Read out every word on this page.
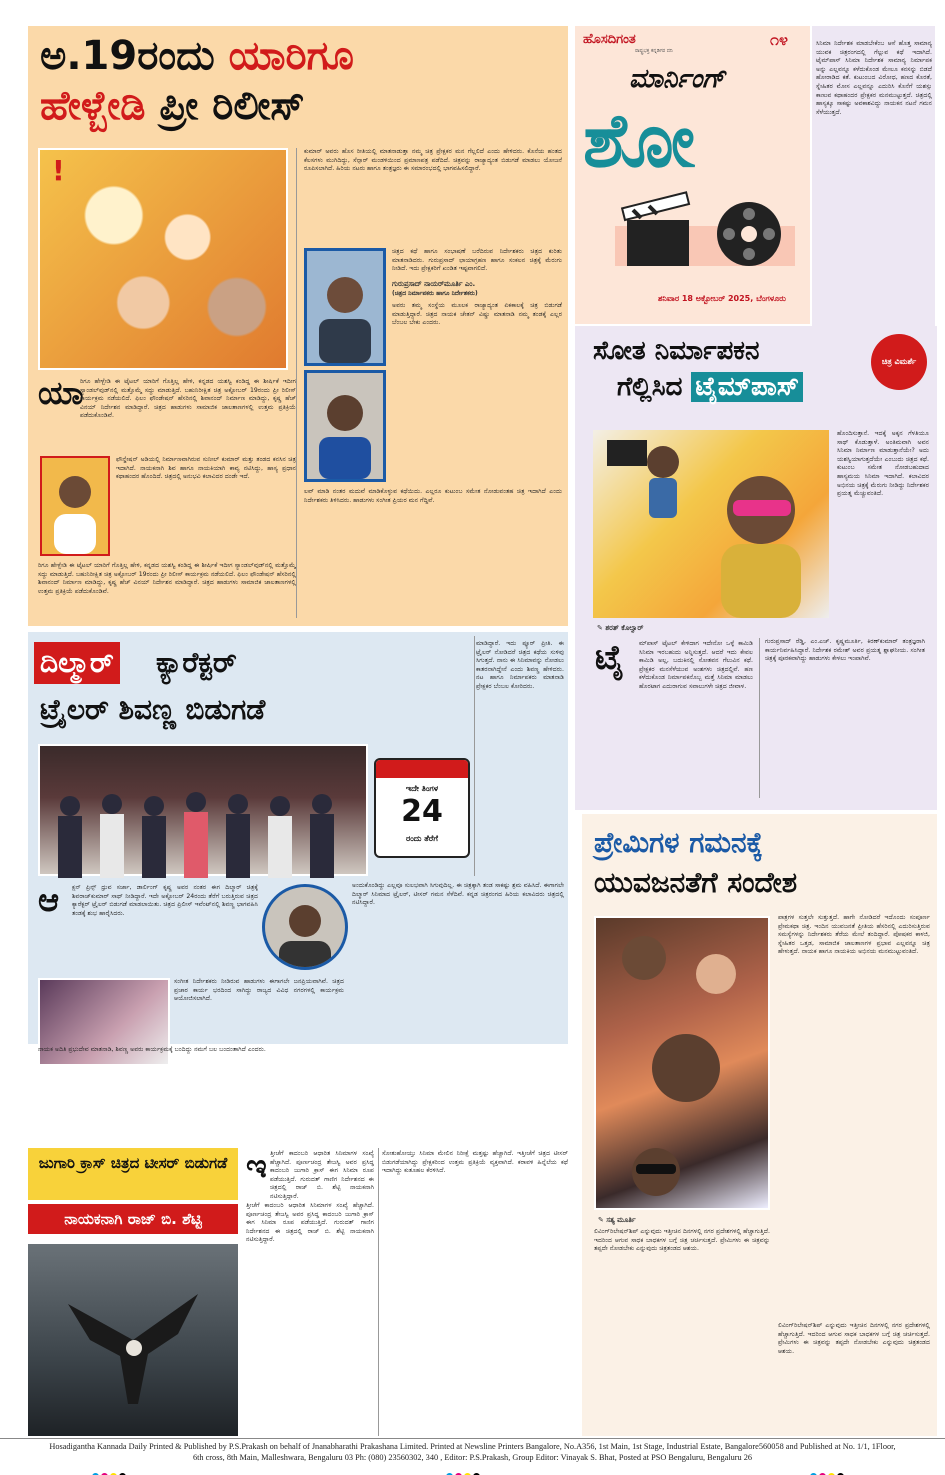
ಅ.19ರಂದು ಯಾರಿಗೂ
ಹೇಳ್ಬೇಡಿ ಪ್ರೀ ರಿಲೀಸ್
!
ಯಾ
ರಿಗೂ ಹೇಳ್ಬೇಡಿ ಈ ಟೈಟಲ್ ಯಾರಿಗೆ ಗೊತ್ತಿಲ್ಲ ಹೇಳಿ, ಕನ್ನಡದ ಯಶಸ್ವಿ ಕಂಡಿದ್ದ ಈ ಶೀರ್ಷಿಕೆ ಇದೀಗ ಸ್ಯಾಂಡಲ್‌ವುಡ್‌ನಲ್ಲಿ ಮತ್ತೊಮ್ಮೆ ಸದ್ದು ಮಾಡುತ್ತಿದೆ. ಬಹುನಿರೀಕ್ಷಿತ ಚಿತ್ರ ಅಕ್ಟೋಬರ್ 19ರಂದು ಪ್ರೀ ರಿಲೀಸ್ ಕಾರ್ಯಕ್ರಮ ನಡೆಯಲಿದೆ. ಫಿಲಂ ಫೌಂಡೇಷನ್ ಹೆಸರಿನಲ್ಲಿ ಶಿವಾನಂದ್ ನಿರ್ಮಾಣ ಮಾಡಿದ್ದು, ಕೃಷ್ಣ ಹೆಚ್ ವಿನಯ್ ನಿರ್ದೇಶನ ಮಾಡಿದ್ದಾರೆ. ಚಿತ್ರದ ಹಾಡುಗಳು ಸಾಮಾಜಿಕ ಜಾಲತಾಣಗಳಲ್ಲಿ ಉತ್ತಮ ಪ್ರತಿಕ್ರಿಯೆ ಪಡೆದುಕೊಂಡಿವೆ.
ಫೌನ್ಡೇಷನ್ ಅಡಿಯಲ್ಲಿ ನಿರ್ಮಾಣವಾಗಿರುವ ಸುನೀಲ್ ಕುಮಾರ್ ಮತ್ತು ತಂಡದ ಕನಸಿನ ಚಿತ್ರ ಇದಾಗಿದೆ. ನಾಯಕನಾಗಿ ಶಿವ ಹಾಗೂ ನಾಯಕಿಯಾಗಿ ಕಾವ್ಯ ನಟಿಸಿದ್ದು, ಹಾಸ್ಯ ಪ್ರಧಾನ ಕಥಾಹಂದರ ಹೊಂದಿದೆ. ಚಿತ್ರದಲ್ಲಿ ಅನುಭವಿ ಕಲಾವಿದರ ದಂಡೇ ಇದೆ.
ರಿಗೂ ಹೇಳ್ಬೇಡಿ ಈ ಟೈಟಲ್ ಯಾರಿಗೆ ಗೊತ್ತಿಲ್ಲ ಹೇಳಿ, ಕನ್ನಡದ ಯಶಸ್ವಿ ಕಂಡಿದ್ದ ಈ ಶೀರ್ಷಿಕೆ ಇದೀಗ ಸ್ಯಾಂಡಲ್‌ವುಡ್‌ನಲ್ಲಿ ಮತ್ತೊಮ್ಮೆ ಸದ್ದು ಮಾಡುತ್ತಿದೆ. ಬಹುನಿರೀಕ್ಷಿತ ಚಿತ್ರ ಅಕ್ಟೋಬರ್ 19ರಂದು ಪ್ರೀ ರಿಲೀಸ್ ಕಾರ್ಯಕ್ರಮ ನಡೆಯಲಿದೆ. ಫಿಲಂ ಫೌಂಡೇಷನ್ ಹೆಸರಿನಲ್ಲಿ ಶಿವಾನಂದ್ ನಿರ್ಮಾಣ ಮಾಡಿದ್ದು, ಕೃಷ್ಣ ಹೆಚ್ ವಿನಯ್ ನಿರ್ದೇಶನ ಮಾಡಿದ್ದಾರೆ. ಚಿತ್ರದ ಹಾಡುಗಳು ಸಾಮಾಜಿಕ ಜಾಲತಾಣಗಳಲ್ಲಿ ಉತ್ತಮ ಪ್ರತಿಕ್ರಿಯೆ ಪಡೆದುಕೊಂಡಿವೆ.
ಕುಮಾರ್ ಅವರು ಹೊಸ ರೀತಿಯಲ್ಲಿ ಮಾತನಾಡುತ್ತಾ ನಮ್ಮ ಚಿತ್ರ ಪ್ರೇಕ್ಷಕರ ಮನ ಗೆಲ್ಲಲಿದೆ ಎಂದು ಹೇಳಿದರು. ಕೊನೆಯ ಹಂತದ ಕೆಲಸಗಳು ಮುಗಿದಿದ್ದು, ಸೆನ್ಸಾರ್ ಮಂಡಳಿಯಿಂದ ಪ್ರಮಾಣಪತ್ರ ಪಡೆದಿದೆ. ಚಿತ್ರವನ್ನು ರಾಜ್ಯಾದ್ಯಂತ ಬಿಡುಗಡೆ ಮಾಡಲು ಯೋಜನೆ ರೂಪಿಸಲಾಗಿದೆ. ಹಿರಿಯ ನಟರು ಹಾಗೂ ತಂತ್ರಜ್ಞರು ಈ ಸಮಾರಂಭದಲ್ಲಿ ಭಾಗವಹಿಸಲಿದ್ದಾರೆ.
ಚಿತ್ರದ ಕಥೆ ಹಾಗೂ ಸಂಭಾಷಣೆ ಬರೆದಿರುವ ನಿರ್ದೇಶಕರು ಚಿತ್ರದ ಕುರಿತು ಮಾತನಾಡಿದರು. ಗುರುಪ್ರಸಾದ್ ಛಾಯಾಗ್ರಹಣ ಹಾಗೂ ಸಂಕಲನ ಚಿತ್ರಕ್ಕೆ ಮೆರುಗು ನೀಡಿದೆ. ಇದು ಪ್ರೇಕ್ಷಕರಿಗೆ ಖಂಡಿತ ಇಷ್ಟವಾಗಲಿದೆ.
ಗುರುಪ್ರಸಾದ್ ನಾಯರ್‌ಮೂರ್ತಿ ಎಂ.
(ಚಿತ್ರದ ನಿರ್ಮಾಪಕರು ಹಾಗೂ ನಿರ್ದೇಶಕರು)
ಅವರು ತಮ್ಮ ಸಂಸ್ಥೆಯ ಮೂಲಕ ರಾಜ್ಯಾದ್ಯಂತ ಏಕಕಾಲಕ್ಕೆ ಚಿತ್ರ ಬಿಡುಗಡೆ ಮಾಡುತ್ತಿದ್ದಾರೆ. ಚಿತ್ರದ ನಾಯಕ ಚೇತನ್ ವಿಷ್ಣು ಮಾತನಾಡಿ ನಮ್ಮ ತಂಡಕ್ಕೆ ಎಲ್ಲರ ಬೆಂಬಲ ಬೇಕು ಎಂದರು.
ಲವ್ ಮಾಡಿ ನಂತರ ಮದುವೆ ಮಾಡಿಕೊಳ್ಳುವ ಕಥೆಯಿದು. ಎಲ್ಲರೂ ಕುಟುಂಬ ಸಮೇತ ನೋಡುವಂತಹ ಚಿತ್ರ ಇದಾಗಿದೆ ಎಂದು ನಿರ್ದೇಶಕರು ತಿಳಿಸಿದರು. ಹಾಡುಗಳು ಸಂಗೀತ ಪ್ರಿಯರ ಮನ ಗೆದ್ದಿವೆ.
ಹೊಸದಿಗಂತ
ರಾಷ್ಟ್ರಭಕ್ತ ಕನ್ನಡಿಗರ ದನಿ
೧೪
ಮಾರ್ನಿಂಗ್
ಶೋ
ಶನಿವಾರ 18 ಅಕ್ಟೋಬರ್ 2025, ಬೆಂಗಳೂರು
ಸಿನಿಮಾ ನಿರ್ದೇಶಕ ಮಾಡಬೇಕೆಂಬ ಆಸೆ ಹೊತ್ತ ಸಾಮಾನ್ಯ ಯುವಕ ಚಿತ್ರರಂಗದಲ್ಲಿ ಗೆಲ್ಲುವ ಕಥೆ ಇದಾಗಿದೆ. ಟೈಮ್‌ಪಾಸ್ ಸಿನಿಮಾ ನಿರ್ದೇಶಕ ಸಾಮಾನ್ಯ ನಿರ್ಮಾಪಕ ಅನ್ನು ಎಲ್ಲವನ್ನೂ ಕಳೆದುಕೊಂಡ ಮೇಲೂ ಕನಸನ್ನು ಬಿಡದೆ ಹೋರಾಡಿದ ಕತೆ. ಕುಟುಂಬದ ವಿರೋಧ, ಹಣದ ಕೊರತೆ, ಸ್ನೇಹಿತರ ಮೋಸ ಎಲ್ಲವನ್ನೂ ಎದುರಿಸಿ ಕೊನೆಗೆ ಯಶಸ್ಸು ಕಾಣುವ ಕಥಾಹಂದರ ಪ್ರೇಕ್ಷಕರ ಮನಮುಟ್ಟುತ್ತದೆ. ಚಿತ್ರದಲ್ಲಿ ಹಾಸ್ಯಕ್ಕೂ ಸಾಕಷ್ಟು ಅವಕಾಶವಿದ್ದು ನಾಯಕನ ನಟನೆ ಗಮನ ಸೆಳೆಯುತ್ತದೆ.
ಸೋತ ನಿರ್ಮಾಪಕನ
ಗೆಲ್ಲಿಸಿದ ಟೈಮ್‌ಪಾಸ್
ಚಿತ್ರ ವಿಮರ್ಶೆ
✎ ಶರತ್ ಕೊಲ್ವಾರ್
ಟೈ ಮ್‌ಪಾಸ್ ಟೈಟಲ್ ಕೇಳಿದಾಗ ಇದೇನೋ ಒಳ್ಳೆ ಕಾಮಿಡಿ ಸಿನಿಮಾ ಇರಬಹುದು ಅನ್ನಿಸುತ್ತದೆ. ಆದರೆ ಇದು ಕೇವಲ ಕಾಮಿಡಿ ಅಲ್ಲ, ಬದುಕಿನಲ್ಲಿ ಸೋತವನ ಗೆಲುವಿನ ಕಥೆ. ಪ್ರೇಕ್ಷಕರ ಮನಸೆಳೆಯುವ ಅಂಶಗಳು ಚಿತ್ರದಲ್ಲಿವೆ. ಹಣ ಕಳೆದುಕೊಂಡ ನಿರ್ಮಾಪಕನೊಬ್ಬ ಮತ್ತೆ ಸಿನಿಮಾ ಮಾಡಲು ಹೊರಟಾಗ ಎದುರಾಗುವ ಸವಾಲುಗಳೇ ಚಿತ್ರದ ಜೀವಾಳ.
ಗುರುಪ್ರಸಾದ್ ರೆಡ್ಡಿ, ಎಂ.ಎಚ್. ಕೃಷ್ಣಮೂರ್ತಿ, ಕಿರಣ್‌ಕುಮಾರ್ ತಂತ್ರಜ್ಞರಾಗಿ ಕಾರ್ಯನಿರ್ವಹಿಸಿದ್ದಾರೆ. ನಿರ್ದೇಶಕ ರಮೇಶ್ ಅವರ ಪ್ರಯತ್ನ ಶ್ಲಾಘನೀಯ. ಸಂಗೀತ ಚಿತ್ರಕ್ಕೆ ಪೂರಕವಾಗಿದ್ದು ಹಾಡುಗಳು ಕೇಳಲು ಇಂಪಾಗಿವೆ.
ಹೊಂದಿಸುತ್ತಾನೆ. ಇದಕ್ಕೆ ಅಕ್ಕನ ಗೆಳತಿಯೂ ಸಾಥ್ ಕೊಡುತ್ತಾಳೆ. ಅಂತಿಮವಾಗಿ ಅವನ ಸಿನಿಮಾ ನಿರ್ಮಾಣ ಮಾಡುತ್ತಾನೆಯೇ? ಅದು ಯಶಸ್ವಿಯಾಗುತ್ತದೆಯೇ ಎಂಬುದು ಚಿತ್ರದ ಕಥೆ. ಕುಟುಂಬ ಸಮೇತ ನೋಡಬಹುದಾದ ಹಾಸ್ಯಮಯ ಸಿನಿಮಾ ಇದಾಗಿದೆ. ಕಲಾವಿದರ ಅಭಿನಯ ಚಿತ್ರಕ್ಕೆ ಮೆರುಗು ನೀಡಿದ್ದು ನಿರ್ದೇಶಕರ ಪ್ರಯತ್ನ ಮೆಚ್ಚುವಂತಿದೆ.
ದಿಲ್ಮಾರ್ ಕ್ಯಾರೆಕ್ಟರ್
ಟ್ರೈಲರ್ ಶಿವಣ್ಣ ಬಿಡುಗಡೆ
ಇದೇ ತಿಂಗಳ
24
ರಂದು ತೆರೆಗೆ
ಆ ಕ್ಷನ್ ಪ್ರಿನ್ಸ್ ಧ್ರುವ ಸರ್ಜಾ, ಡಾರ್ಲಿಂಗ್ ಕೃಷ್ಣ ಅವರ ನಂತರ ಈಗ ದಿಲ್ಮಾರ್ ಚಿತ್ರಕ್ಕೆ ಶಿವರಾಜ್‌ಕುಮಾರ್ ಸಾಥ್ ನೀಡಿದ್ದಾರೆ. ಇದೇ ಅಕ್ಟೋಬರ್ 24ರಂದು ತೆರೆಗೆ ಬರುತ್ತಿರುವ ಚಿತ್ರದ ಕ್ಯಾರೆಕ್ಟರ್ ಟ್ರೈಲರ್ ಬಿಡುಗಡೆ ಮಾಡಲಾಯಿತು. ಚಿತ್ರದ ಪ್ರಿಲೀಸ್ ಇವೆಂಟ್‌ನಲ್ಲಿ ಶಿವಣ್ಣ ಭಾಗವಹಿಸಿ ತಂಡಕ್ಕೆ ಶುಭ ಹಾರೈಸಿದರು.
ಸಂಗೀತ ನಿರ್ದೇಶಕರು ನೀಡಿರುವ ಹಾಡುಗಳು ಈಗಾಗಲೇ ಜನಪ್ರಿಯವಾಗಿವೆ. ಚಿತ್ರದ ಪ್ರಚಾರ ಕಾರ್ಯ ಭರದಿಂದ ಸಾಗಿದ್ದು ರಾಜ್ಯದ ವಿವಿಧ ನಗರಗಳಲ್ಲಿ ಕಾರ್ಯಕ್ರಮ ಆಯೋಜಿಸಲಾಗಿದೆ.
ಮಾಡಿದ್ದಾರೆ. ಇದು ಪ್ಯೂರ್ ಪ್ರೀತಿ. ಈ ಟ್ರೈಲರ್ ನೋಡಿದರೆ ಚಿತ್ರದ ಕಥೆಯ ಸುಳಿವು ಸಿಗುತ್ತದೆ. ನಾನು ಈ ಸಿನಿಮಾವನ್ನು ನೋಡಲು ಕಾತರನಾಗಿದ್ದೇನೆ ಎಂದು ಶಿವಣ್ಣ ಹೇಳಿದರು. ನಟ ಹಾಗೂ ನಿರ್ಮಾಪಕರು ಮಾತನಾಡಿ ಪ್ರೇಕ್ಷಕರ ಬೆಂಬಲ ಕೋರಿದರು.
ಅಂದುಕೊಂಡಿದ್ದು ಎಲ್ಲವೂ ಸುಲಭವಾಗಿ ಸಿಗುವುದಿಲ್ಲ. ಈ ಚಿತ್ರಕ್ಕಾಗಿ ತಂಡ ಸಾಕಷ್ಟು ಶ್ರಮ ವಹಿಸಿದೆ. ಈಗಾಗಲೇ ದಿಲ್ಮಾರ್ ಸಿನಿಮಾದ ಟ್ರೈಲರ್, ಟೀಸರ್ ಗಮನ ಸೆಳೆದಿವೆ. ಕನ್ನಡ ಚಿತ್ರರಂಗದ ಹಿರಿಯ ಕಲಾವಿದರು ಚಿತ್ರದಲ್ಲಿ ನಟಿಸಿದ್ದಾರೆ.
ನಾಯಕ ಅದಿತಿ ಪ್ರಭುದೇವ ಮಾತನಾಡಿ, ಶಿವಣ್ಣ ಅವರು ಕಾರ್ಯಕ್ರಮಕ್ಕೆ ಬಂದಿದ್ದು ನಮಗೆ ಬಲ ಬಂದಂತಾಗಿದೆ ಎಂದರು.
ಜುಗಾರಿ ಕ್ರಾಸ್ ಚಿತ್ರದ ಟೀಸರ್ ಬಿಡುಗಡೆ
ನಾಯಕನಾಗಿ ರಾಜ್ ಬಿ. ಶೆಟ್ಟಿ
ಇ ತ್ತೀಚೆಗೆ ಕಾದಂಬರಿ ಆಧಾರಿತ ಸಿನಿಮಾಗಳ ಸಂಖ್ಯೆ ಹೆಚ್ಚಾಗಿದೆ. ಪೂರ್ಣಚಂದ್ರ ತೇಜಸ್ವಿ ಅವರ ಪ್ರಸಿದ್ಧ ಕಾದಂಬರಿ ಜುಗಾರಿ ಕ್ರಾಸ್ ಈಗ ಸಿನಿಮಾ ರೂಪ ಪಡೆಯುತ್ತಿದೆ. ಗುರುದತ್ ಗಾಣಿಗ ನಿರ್ದೇಶನದ ಈ ಚಿತ್ರದಲ್ಲಿ ರಾಜ್ ಬಿ. ಶೆಟ್ಟಿ ನಾಯಕನಾಗಿ ನಟಿಸುತ್ತಿದ್ದಾರೆ.
ತ್ತೀಚೆಗೆ ಕಾದಂಬರಿ ಆಧಾರಿತ ಸಿನಿಮಾಗಳ ಸಂಖ್ಯೆ ಹೆಚ್ಚಾಗಿದೆ. ಪೂರ್ಣಚಂದ್ರ ತೇಜಸ್ವಿ ಅವರ ಪ್ರಸಿದ್ಧ ಕಾದಂಬರಿ ಜುಗಾರಿ ಕ್ರಾಸ್ ಈಗ ಸಿನಿಮಾ ರೂಪ ಪಡೆಯುತ್ತಿದೆ. ಗುರುದತ್ ಗಾಣಿಗ ನಿರ್ದೇಶನದ ಈ ಚಿತ್ರದಲ್ಲಿ ರಾಜ್ ಬಿ. ಶೆಟ್ಟಿ ನಾಯಕನಾಗಿ ನಟಿಸುತ್ತಿದ್ದಾರೆ.
ಸೋತುಹೋಯ್ತು ಸಿನಿಮಾ ಮೇಲಿನ ನಿರೀಕ್ಷೆ ಮತ್ತಷ್ಟು ಹೆಚ್ಚಾಗಿದೆ. ಇತ್ತೀಚೆಗೆ ಚಿತ್ರದ ಟೀಸರ್ ಬಿಡುಗಡೆಯಾಗಿದ್ದು ಪ್ರೇಕ್ಷಕರಿಂದ ಉತ್ತಮ ಪ್ರತಿಕ್ರಿಯೆ ವ್ಯಕ್ತವಾಗಿದೆ. ಕರಾವಳಿ ಹಿನ್ನೆಲೆಯ ಕಥೆ ಇದಾಗಿದ್ದು ಕುತೂಹಲ ಕೆರಳಿಸಿದೆ.
ಪ್ರೇಮಿಗಳ ಗಮನಕ್ಕೆ
ಯುವಜನತೆಗೆ ಸಂದೇಶ
✎ ಸತ್ಯ ಮೂರ್ತಿ
ಪಾತ್ರಗಳ ಸುತ್ತಲೇ ಸುತ್ತುತ್ತದೆ. ಹಾಗೇ ನೋಡಿದರೆ ಇದೊಂದು ಸಂಪೂರ್ಣ ಪ್ರೇಮಕಥಾ ಚಿತ್ರ. ಇಂದಿನ ಯುವಜನತೆ ಪ್ರೀತಿಯ ಹೆಸರಿನಲ್ಲಿ ಎದುರಿಸುತ್ತಿರುವ ಸಮಸ್ಯೆಗಳನ್ನು ನಿರ್ದೇಶಕರು ತೆರೆಯ ಮೇಲೆ ತಂದಿದ್ದಾರೆ. ಪೋಷಕರ ಕಾಳಜಿ, ಸ್ನೇಹಿತರ ಒತ್ತಡ, ಸಾಮಾಜಿಕ ಜಾಲತಾಣಗಳ ಪ್ರಭಾವ ಎಲ್ಲವನ್ನೂ ಚಿತ್ರ ಹೇಳುತ್ತದೆ. ನಾಯಕ ಹಾಗೂ ನಾಯಕಿಯ ಅಭಿನಯ ಮನಮುಟ್ಟುವಂತಿದೆ.
ಲಿವಿಂಗ್‌ರಿಲೇಷನ್‌ಶಿಪ್ ಎನ್ನುವುದು ಇತ್ತೀಚಿನ ದಿನಗಳಲ್ಲಿ ನಗರ ಪ್ರದೇಶಗಳಲ್ಲಿ ಹೆಚ್ಚಾಗುತ್ತಿದೆ. ಇದರಿಂದ ಆಗುವ ಸಾಧಕ ಬಾಧಕಗಳ ಬಗ್ಗೆ ಚಿತ್ರ ಚರ್ಚಿಸುತ್ತದೆ. ಪ್ರೇಮಿಗಳು ಈ ಚಿತ್ರವನ್ನು ತಪ್ಪದೇ ನೋಡಬೇಕು ಎನ್ನುವುದು ಚಿತ್ರತಂಡದ ಆಶಯ.
ಲಿವಿಂಗ್‌ರಿಲೇಷನ್‌ಶಿಪ್ ಎನ್ನುವುದು ಇತ್ತೀಚಿನ ದಿನಗಳಲ್ಲಿ ನಗರ ಪ್ರದೇಶಗಳಲ್ಲಿ ಹೆಚ್ಚಾಗುತ್ತಿದೆ. ಇದರಿಂದ ಆಗುವ ಸಾಧಕ ಬಾಧಕಗಳ ಬಗ್ಗೆ ಚಿತ್ರ ಚರ್ಚಿಸುತ್ತದೆ. ಪ್ರೇಮಿಗಳು ಈ ಚಿತ್ರವನ್ನು ತಪ್ಪದೇ ನೋಡಬೇಕು ಎನ್ನುವುದು ಚಿತ್ರತಂಡದ ಆಶಯ.
Hosadigantha Kannada Daily Printed & Published by P.S.Prakash on behalf of Jnanabharathi Prakashana Limited. Printed at Newsline Printers Bangalore, No.A356, 1st Main, 1st Stage, Industrial Estate, Bangalore560058 and Published at No. 1/1, 1Floor,
6th cross, 8th Main, Malleshwara, Bengaluru 03 Ph: (080) 23560302, 340 , Editor: P.S.Prakash, Group Editor: Vinayak S. Bhat, Posted at PSO Bengaluru, Bengaluru 26
